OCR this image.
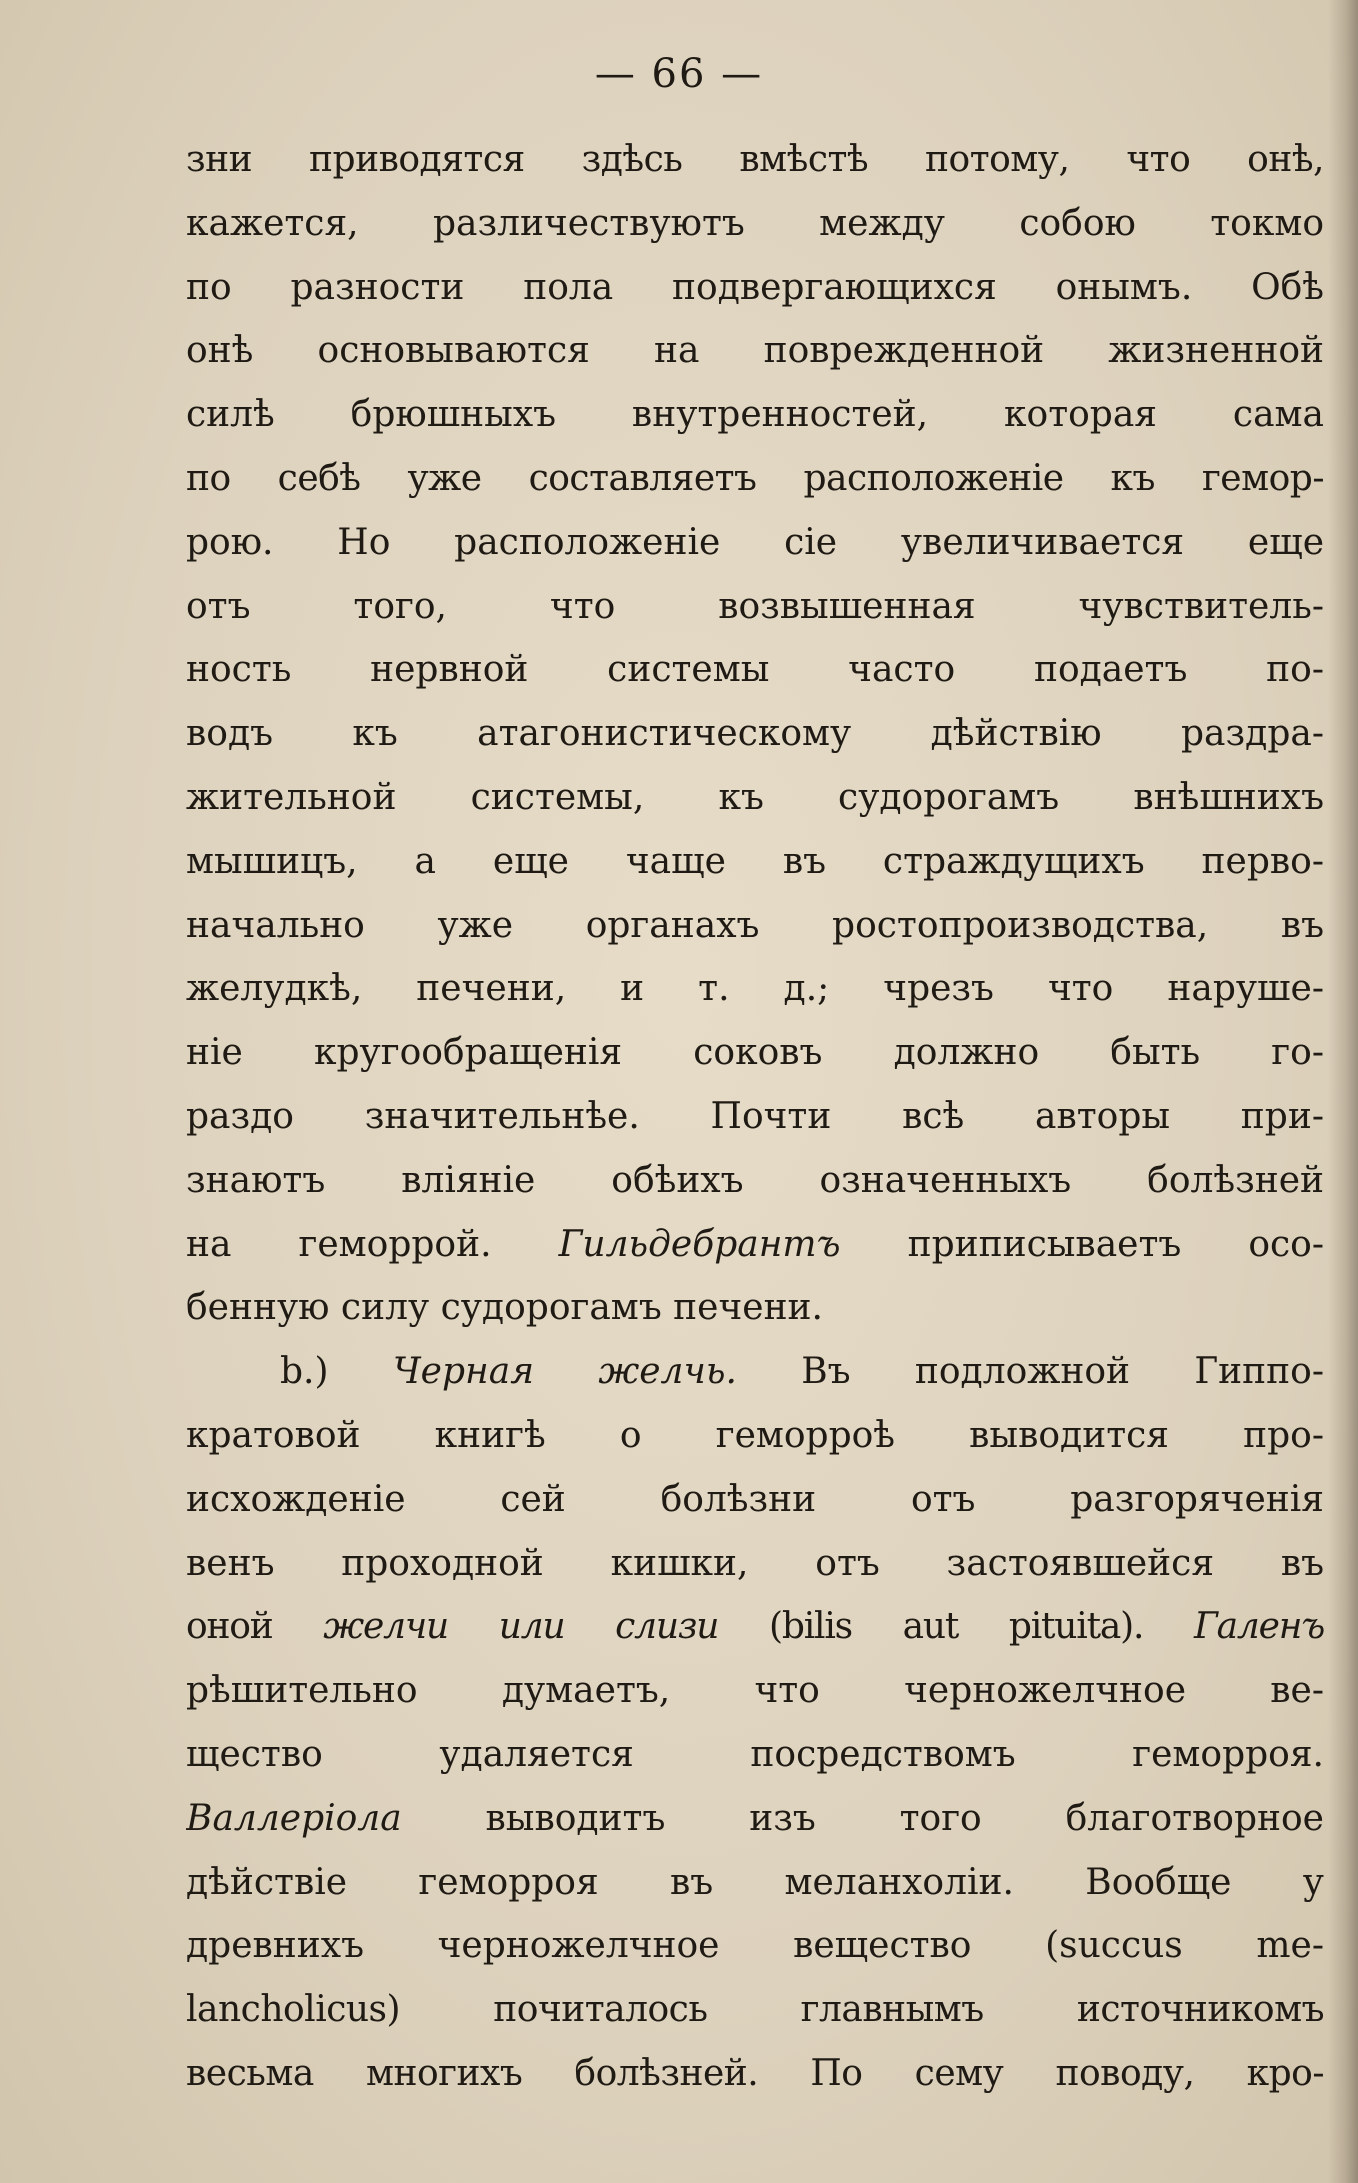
— 66 —
зни приводятся здѣсь вмѣстѣ потому, что онѣ,
кажется, различествуютъ между собою токмо
по разности пола подвергающихся онымъ. Обѣ
онѣ основываются на поврежденной жизненной
силѣ брюшныхъ внутренностей, которая сама
по себѣ уже составляетъ расположенiе къ гемор-
рою. Но расположенiе сiе увеличивается еще
отъ того, что возвышенная чувствитель-
ность нервной системы часто подаетъ по-
водъ къ атагонистическому дѣйствiю раздра-
жительной системы, къ судорогамъ внѣшнихъ
мышицъ, а еще чаще въ страждущихъ перво-
начально уже органахъ ростопроизводства, въ
желудкѣ, печени, и т. д.; чрезъ что наруше-
нiе кругообращенiя соковъ должно быть го-
раздо значительнѣе. Почти всѣ авторы при-
знаютъ влiянiе обѣихъ означенныхъ болѣзней
на геморрой. Гильдебрантъ приписываетъ осо-
бенную силу судорогамъ печени.
b.) Черная желчь. Въ подложной Гиппо-
кратовой книгѣ о геморроѣ выводится про-
исхожденiе сей болѣзни отъ разгоряченiя
венъ проходной кишки, отъ застоявшейся въ
оной желчи или слизи (bilis aut pituita). Галенъ
рѣшительно думаетъ, что черножелчное ве-
щество удаляется посредствомъ геморроя.
Валлерiола выводитъ изъ того благотворное
дѣйствiе геморроя въ меланхолiи. Вообще у
древнихъ черножелчное вещество (succus me-
lancholicus) почиталось главнымъ источникомъ
весьма многихъ болѣзней. По сему поводу, кро-
